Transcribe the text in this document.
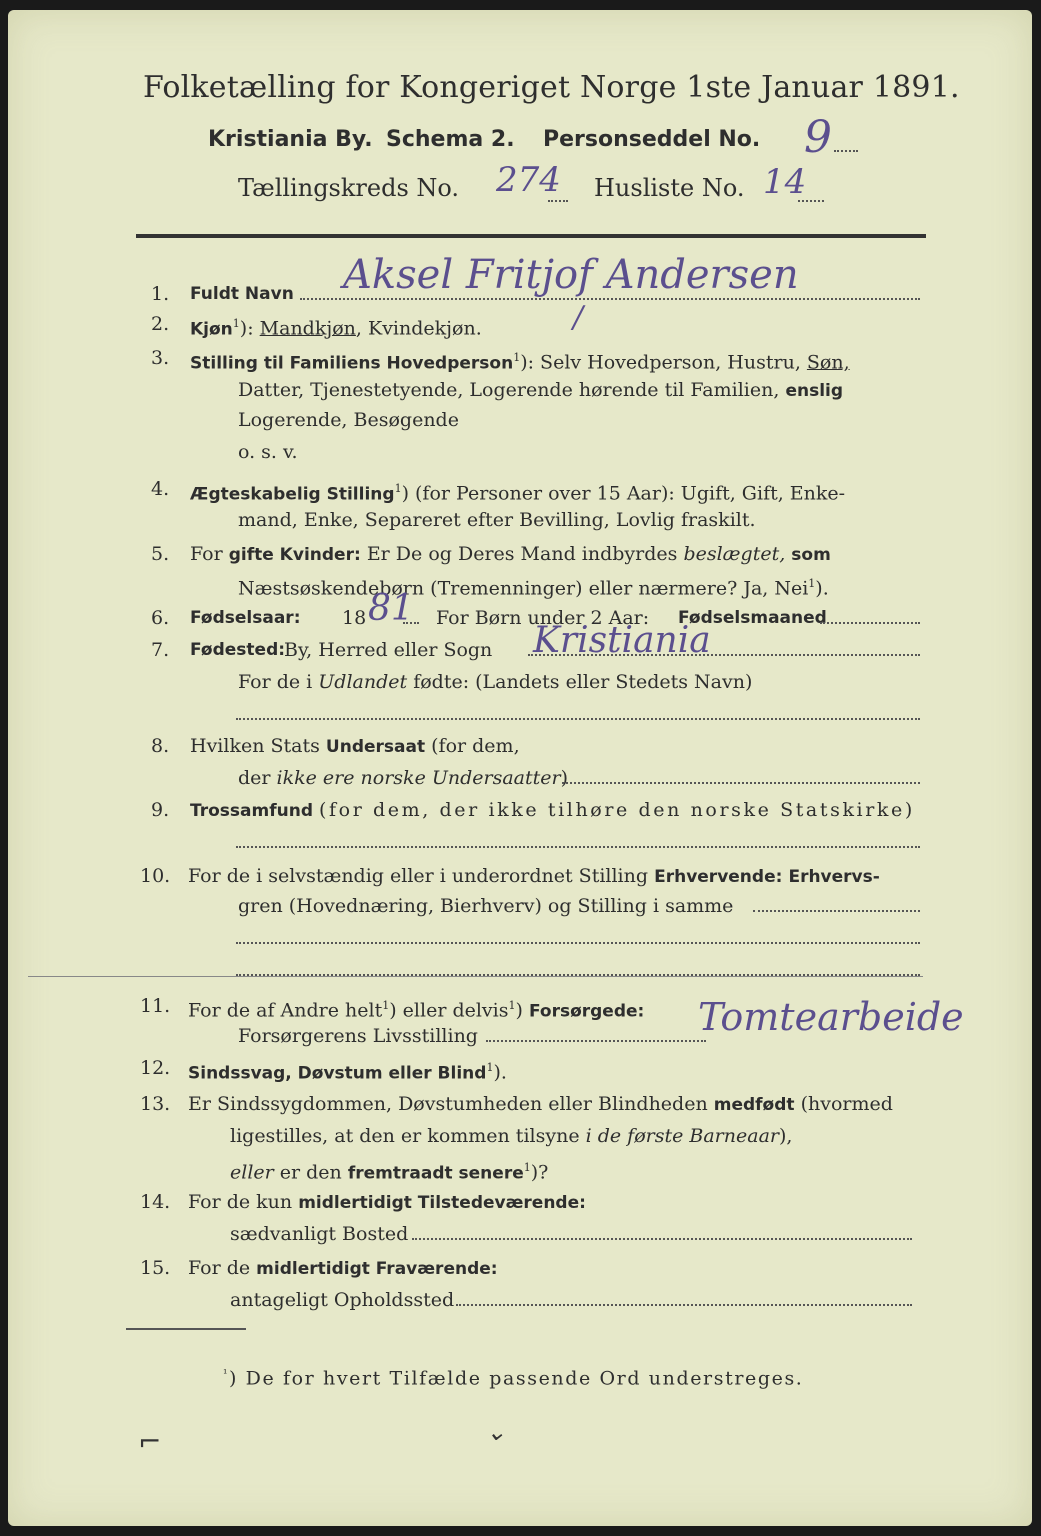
Folketælling for Kongeriget Norge 1ste Januar 1891.
Kristiania By. Schema 2. Personseddel No. 9
Tællingskreds No. 274 Husliste No. 14
1. Fuldt Navn Aksel Fritjof Andersen
2. Kjøn$^1$): Mandkjøn, Kvindekjøn.	/
3. Stilling til Familiens Hovedperson$^1$): Selv Hovedperson, Hustru, Søn,
Datter, Tjenestetyende, Logerende hørende til Familien, enslig
Logerende, Besøgende
o. s. v.
4. Ægteskabelig Stilling$^1$) (for Personer over 15 Aar): Ugift, Gift, Enke-
mand, Enke, Separeret efter Bevilling, Lovlig fraskilt.
5. For gifte Kvinder: Er De og Deres Mand indbyrdes beslægtet, som
Næstsøskendebørn (Tremenninger) eller nærmere? Ja, Nei$^1$).
6. Fødselsaar: 18 81 For Børn under 2 Aar: Fødselsmaaned
7. Fødested:
By, Herred eller Sogn Kristiania
For de i Udlandet fødte: (Landets eller Stedets Navn)
8. Hvilken Stats Undersaat (for dem,
der ikke ere norske Undersaatter)
9. Trossamfund (for dem, der ikke tilhøre den norske Statskirke)
10. For de i selvstændig eller i underordnet Stilling Erhvervende: Erhvervs-
gren (Hovednæring, Bierhverv) og Stilling i samme
11. For de af Andre helt$^1$) eller delvis$^1$) Forsørgede:
Forsørgerens Livsstilling	Tomtearbeide
12. Sindssvag, Døvstum eller Blind$^1$).
13. Er Sindssygdommen, Døvstumheden eller Blindheden medfødt (hvormed
ligestilles, at den er kommen tilsyne i de første Barneaar),
eller er den fremtraadt senere$^1$)?
14. For de kun midlertidigt Tilstedeværende:
sædvanligt Bosted
15. For de midlertidigt Fraværende:
antageligt Opholdssted
$^{^1}$) De for hvert Tilfælde passende Ord understreges.
⌐	⌄
